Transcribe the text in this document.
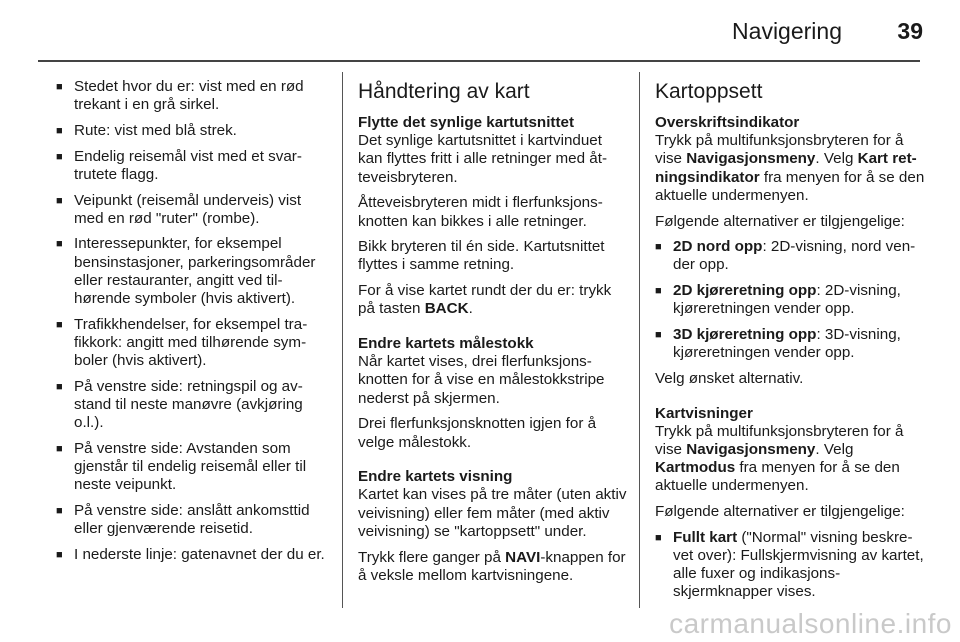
Navigering 39
■ Stedet hvor du er: vist med en rød trekant i en grå sirkel.
■ Rute: vist med blå strek.
■ Endelig reisemål vist med et svartrutete flagg.
■ Veipunkt (reisemål underveis) vist med en rød "ruter" (rombe).
■ Interessepunkter, for eksempel bensinstasjoner, parkeringsområder eller restauranter, angitt ved tilhørende symboler (hvis aktivert).
■ Trafikkhendelser, for eksempel trafikkork: angitt med tilhørende symboler (hvis aktivert).
■ På venstre side: retningspil og avstand til neste manøvre (avkjøring o.l.).
■ På venstre side: Avstanden som gjenstår til endelig reisemål eller til neste veipunkt.
■ På venstre side: anslått ankomsttid eller gjenværende reisetid.
■ I nederste linje: gatenavnet der du er.
Håndtering av kart
Flytte det synlige kartutsnittet

Det synlige kartutsnittet i kartvinduet kan flyttes fritt i alle retninger med åtteveisbryteren.

Åtteveisbryteren midt i flerfunksjonsknotten kan bikkes i alle retninger.

Bikk bryteren til én side. Kartutsnittet flyttes i samme retning.

For å vise kartet rundt der du er: trykk på tasten BACK.

Endre kartets målestokk

Når kartet vises, drei flerfunksjonsknotten for å vise en målestokkstripe nederst på skjermen.

Drei flerfunksjonsknotten igjen for å velge målestokk.

Endre kartets visning

Kartet kan vises på tre måter (uten aktiv veivisning) eller fem måter (med aktiv veivisning) se "kartoppsett" under.

Trykk flere ganger på NAVI-knappen for å veksle mellom kartvisningene.

Kartoppsett
Overskriftsindikator

Trykk på multifunksjonsbryteren for å vise Navigasjonsmeny. Velg Kart retningsindikator fra menyen for å se den aktuelle undermenyen.

Følgende alternativer er tilgjengelige:

■ 2D nord opp: 2D-visning, nord vender opp.
■ 2D kjøreretning opp: 2D-visning, kjøreretningen vender opp.
■ 3D kjøreretning opp: 3D-visning, kjøreretningen vender opp.

Velg ønsket alternativ.

Kartvisninger

Trykk på multifunksjonsbryteren for å vise Navigasjonsmeny. Velg Kartmodus fra menyen for å se den aktuelle undermenyen.

Følgende alternativer er tilgjengelige:

■ Fullt kart ("Normal" visning beskrevet over): Fullskjermvisning av kartet, alle fuxer og indikasjonsskjermknapper vises.
carmanualsonline.info
